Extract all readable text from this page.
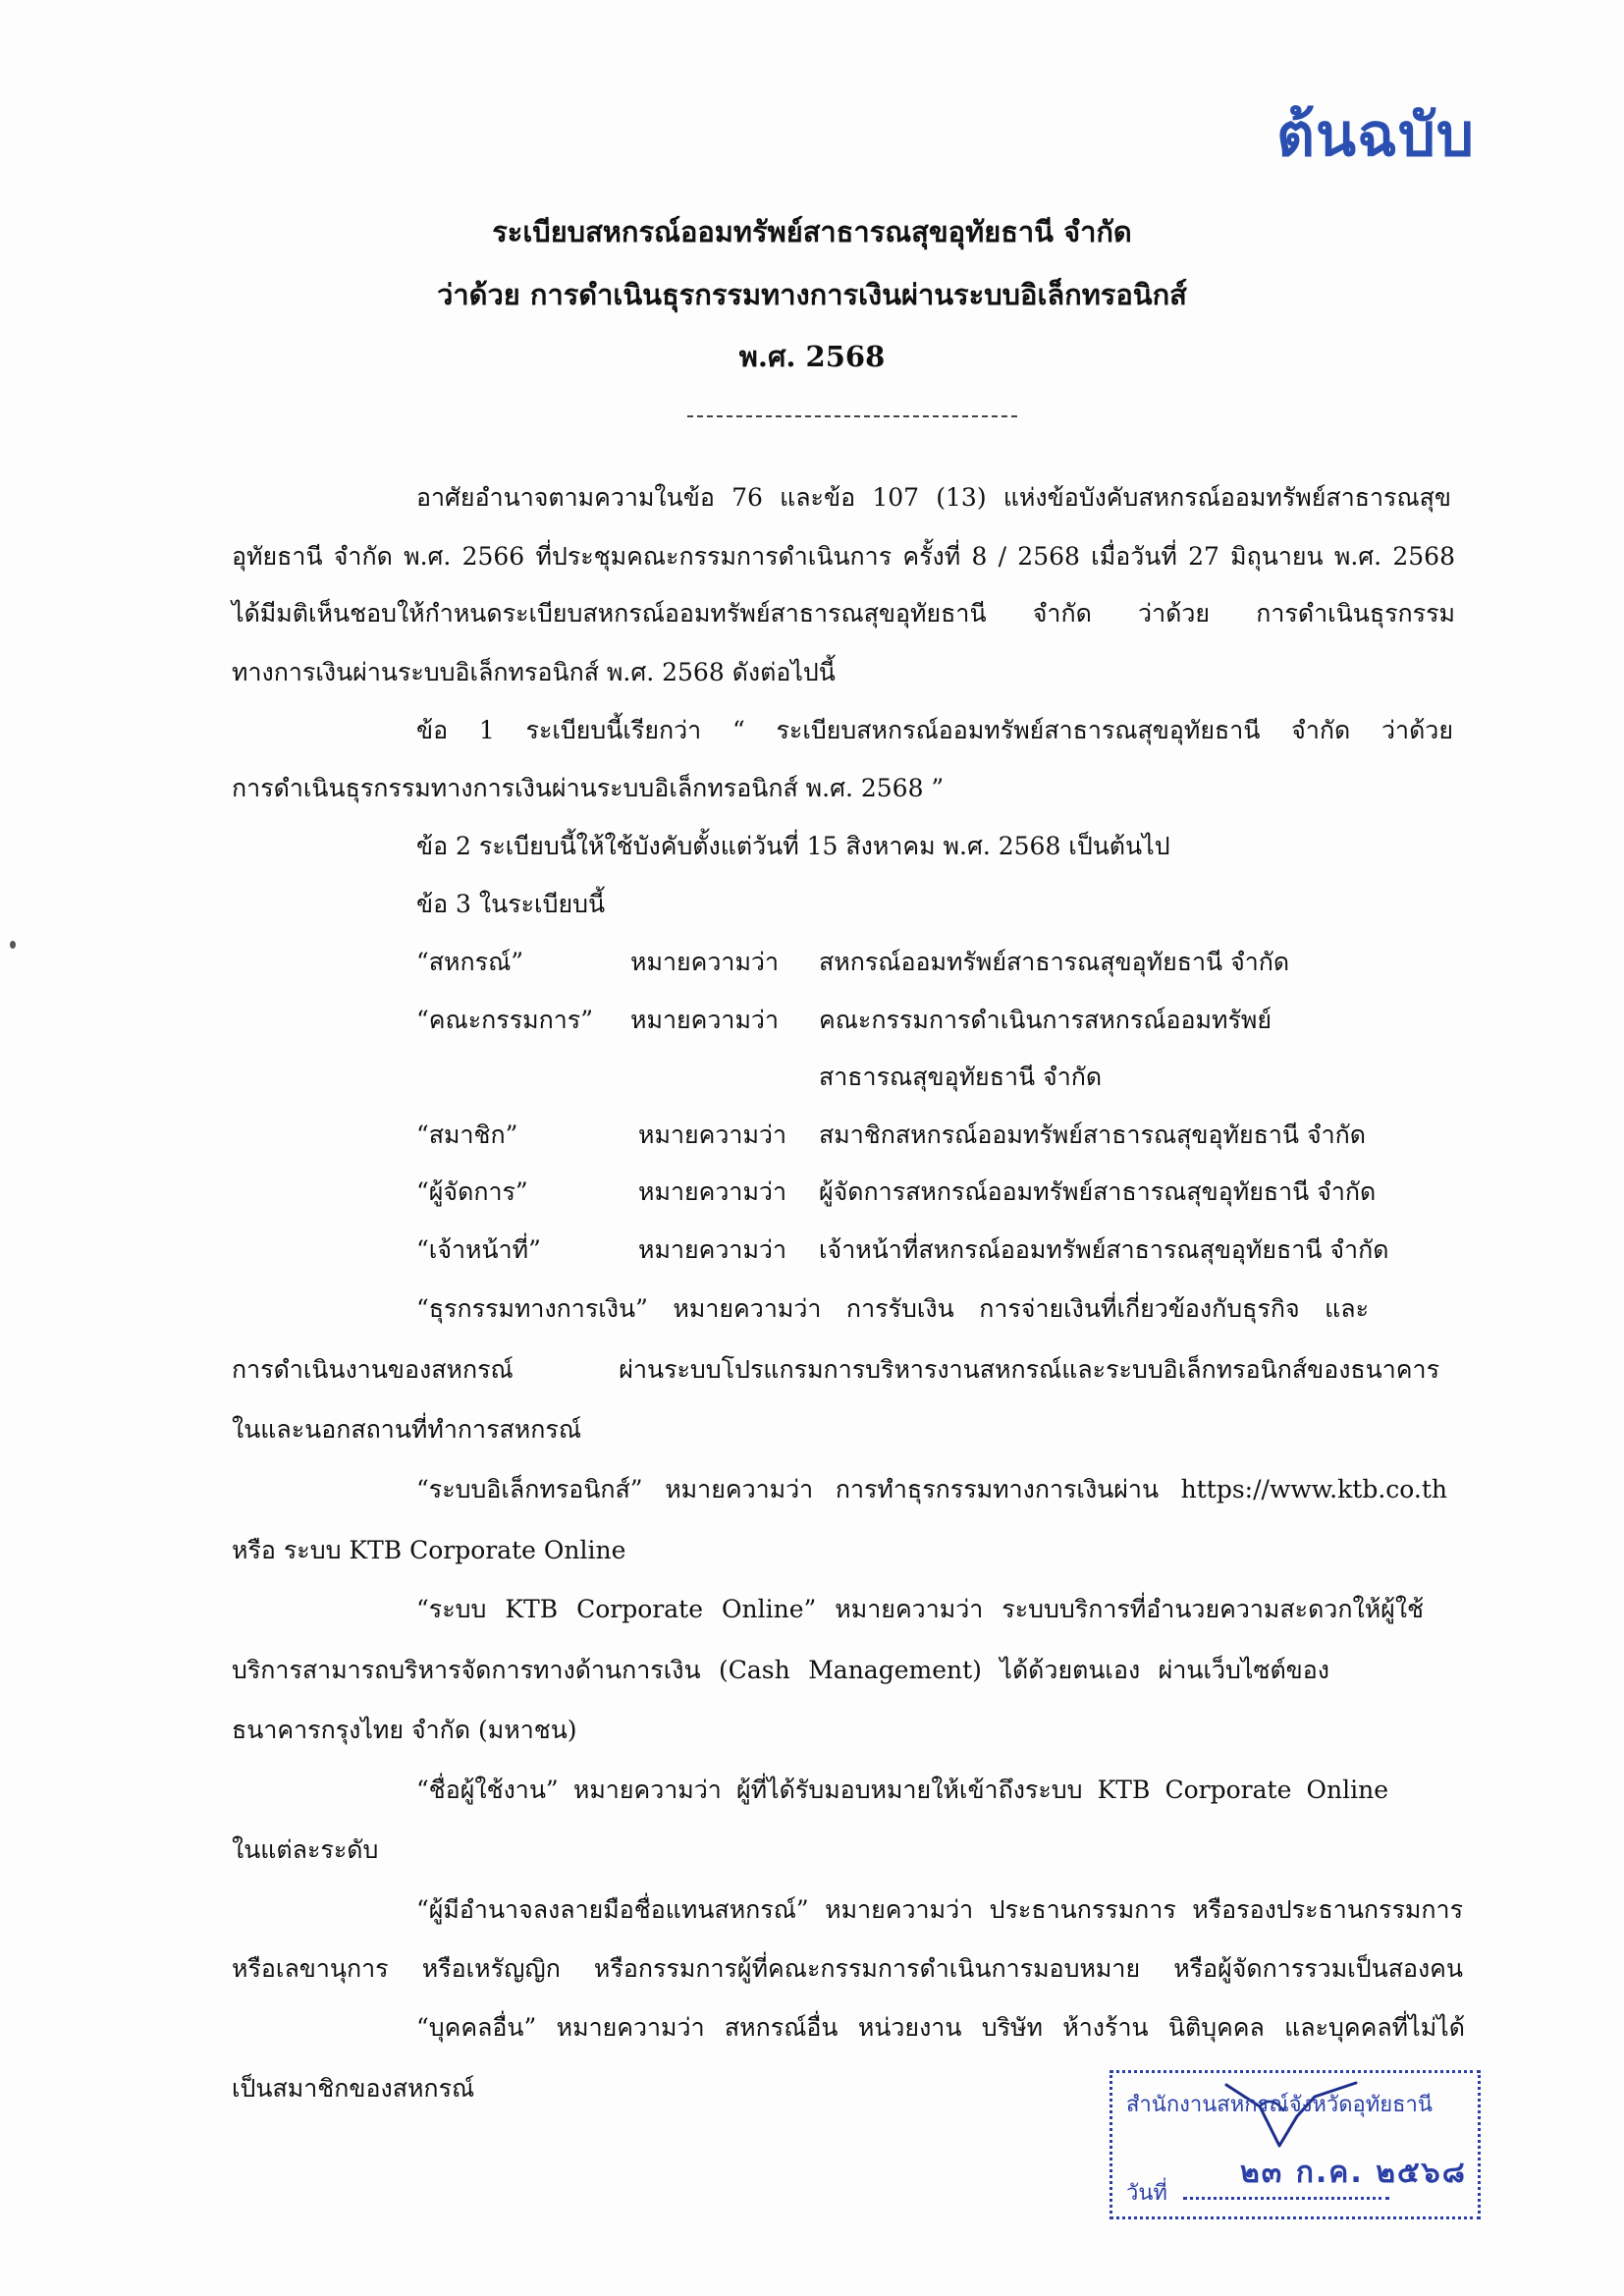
ต้นฉบับ
ระเบียบสหกรณ์ออมทรัพย์สาธารณสุขอุทัยธานี จำกัด
ว่าด้วย การดำเนินธุรกรรมทางการเงินผ่านระบบอิเล็กทรอนิกส์
พ.ศ. 2568
อาศัยอำนาจตามความในข้อ 76 และข้อ 107 (13) แห่งข้อบังคับสหกรณ์ออมทรัพย์สาธารณสุข
อุทัยธานี จำกัด พ.ศ. 2566 ที่ประชุมคณะกรรมการดำเนินการ ครั้งที่ 8 / 2568 เมื่อวันที่ 27 มิถุนายน พ.ศ. 2568
ได้มีมติเห็นชอบให้กำหนดระเบียบสหกรณ์ออมทรัพย์สาธารณสุขอุทัยธานี จำกัด ว่าด้วย การดำเนินธุรกรรม
ทางการเงินผ่านระบบอิเล็กทรอนิกส์ พ.ศ. 2568 ดังต่อไปนี้
ข้อ 1 ระเบียบนี้เรียกว่า “ ระเบียบสหกรณ์ออมทรัพย์สาธารณสุขอุทัยธานี จำกัด ว่าด้วย
การดำเนินธุรกรรมทางการเงินผ่านระบบอิเล็กทรอนิกส์ พ.ศ. 2568 ”
ข้อ 2 ระเบียบนี้ให้ใช้บังคับตั้งแต่วันที่ 15 สิงหาคม พ.ศ. 2568 เป็นต้นไป
ข้อ 3 ในระเบียบนี้
“สหกรณ์”	หมายความว่า สหกรณ์ออมทรัพย์สาธารณสุขอุทัยธานี จำกัด
“คณะกรรมการ” หมายความว่า คณะกรรมการดำเนินการสหกรณ์ออมทรัพย์
สาธารณสุขอุทัยธานี จำกัด
“สมาชิก”	หมายความว่า สมาชิกสหกรณ์ออมทรัพย์สาธารณสุขอุทัยธานี จำกัด
“ผู้จัดการ”	หมายความว่า ผู้จัดการสหกรณ์ออมทรัพย์สาธารณสุขอุทัยธานี จำกัด
“เจ้าหน้าที่”	หมายความว่า เจ้าหน้าที่สหกรณ์ออมทรัพย์สาธารณสุขอุทัยธานี จำกัด
“ธุรกรรมทางการเงิน” หมายความว่า การรับเงิน การจ่ายเงินที่เกี่ยวข้องกับธุรกิจ และ
การดำเนินงานของสหกรณ์ ผ่านระบบโปรแกรมการบริหารงานสหกรณ์และระบบอิเล็กทรอนิกส์ของธนาคาร
ในและนอกสถานที่ทำการสหกรณ์
“ระบบอิเล็กทรอนิกส์” หมายความว่า การทำธุรกรรมทางการเงินผ่าน https://www.ktb.co.th
หรือ ระบบ KTB Corporate Online
“ระบบ KTB Corporate Online” หมายความว่า ระบบบริการที่อำนวยความสะดวกให้ผู้ใช้
บริการสามารถบริหารจัดการทางด้านการเงิน (Cash Management) ได้ด้วยตนเอง ผ่านเว็บไซต์ของ
ธนาคารกรุงไทย จำกัด (มหาชน)
“ชื่อผู้ใช้งาน” หมายความว่า ผู้ที่ได้รับมอบหมายให้เข้าถึงระบบ KTB Corporate Online
ในแต่ละระดับ
“ผู้มีอำนาจลงลายมือชื่อแทนสหกรณ์” หมายความว่า ประธานกรรมการ หรือรองประธานกรรมการ
หรือเลขานุการ หรือเหรัญญิก หรือกรรมการผู้ที่คณะกรรมการดำเนินการมอบหมาย หรือผู้จัดการรวมเป็นสองคน
“บุคคลอื่น” หมายความว่า สหกรณ์อื่น หน่วยงาน บริษัท ห้างร้าน นิติบุคคล และบุคคลที่ไม่ได้
เป็นสมาชิกของสหกรณ์
สำนักงานสหกรณ์จังหวัดอุทัยธานี
วันที่
๒๓ ก.ค. ๒๕๖๘
